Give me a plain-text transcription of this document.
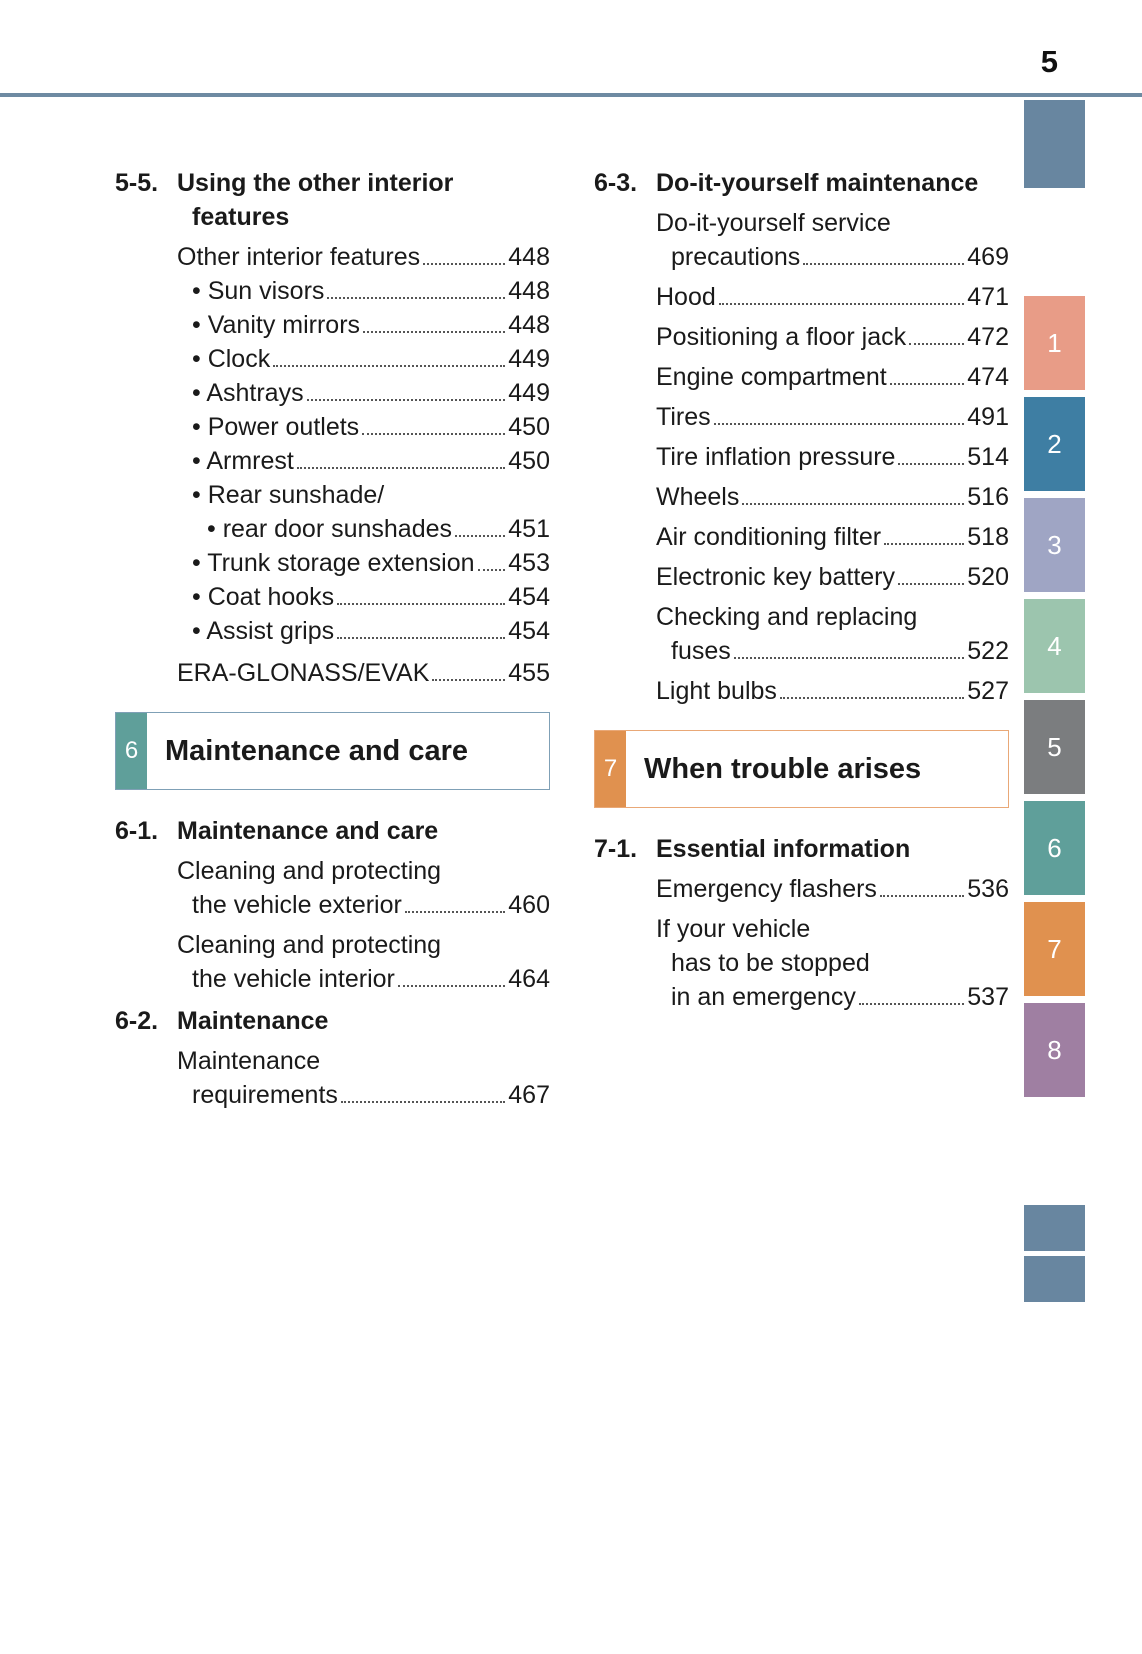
5
1
2
3
4
5
6
7
8
5-5. Using the other interior
features
Other interior features	448
• Sun visors	448
• Vanity mirrors	448
• Clock	449
• Ashtrays	449
• Power outlets	450
• Armrest	450
• Rear sunshade/
• rear door sunshades 451
• Trunk storage extension 453
• Coat hooks	454
• Assist grips	454
ERA-GLONASS/EVAK	455
6 Maintenance and care
6-1. Maintenance and care
Cleaning and protecting
the vehicle exterior	460
Cleaning and protecting
the vehicle interior	464
6-2. Maintenance
Maintenance
requirements	467
6-3. Do-it-yourself maintenance
Do-it-yourself service
precautions	469
Hood	471
Positioning a floor jack 472
Engine compartment	474
Tires	491
Tire inflation pressure	514
Wheels	516
Air conditioning filter	518
Electronic key battery	520
Checking and replacing
fuses	522
Light bulbs	527
7 When trouble arises
7-1. Essential information
Emergency flashers	536
If your vehicle
has to be stopped
in an emergency	537
